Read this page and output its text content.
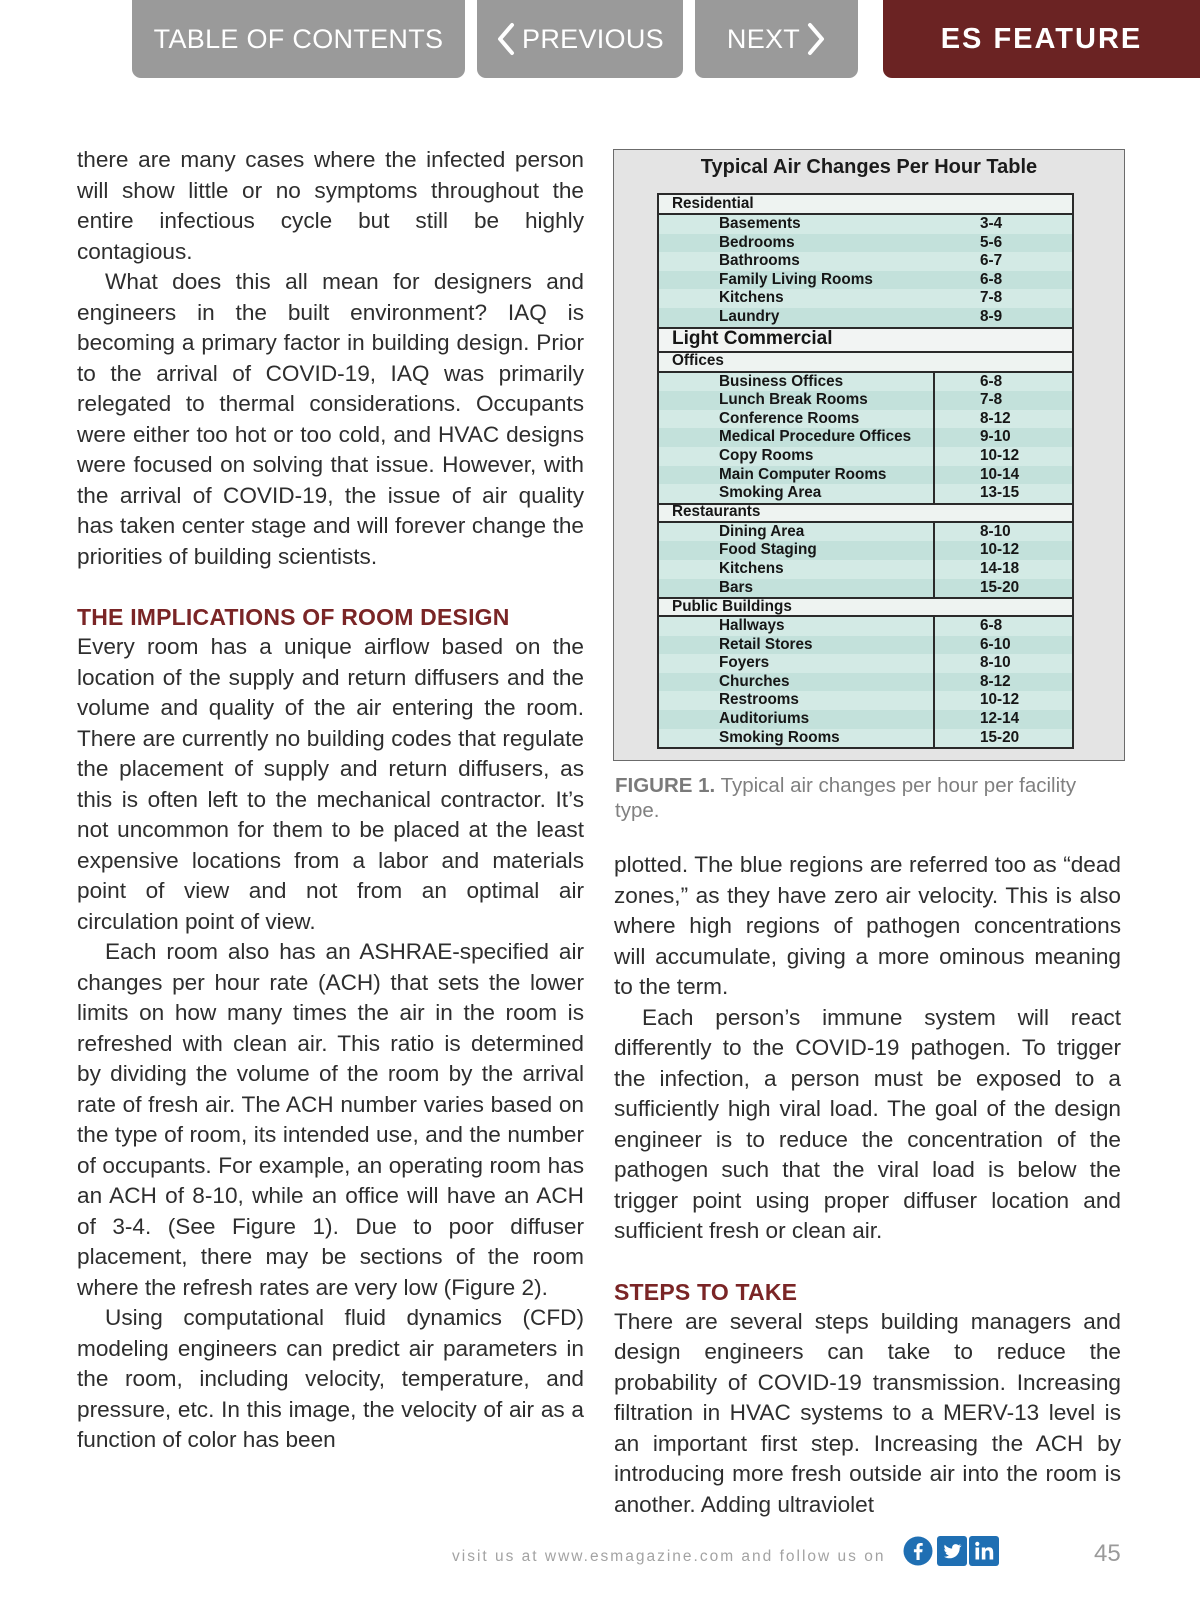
TABLE OF CONTENTS	PREVIOUS NEXT	ES FEATURE

there are many cases where the infected person will show little or no symptoms throughout the entire infectious cycle but still be highly contagious.

What does this all mean for designers and engineers in the built environment? IAQ is becoming a primary factor in building design. Prior to the arrival of COVID-19, IAQ was primarily relegated to thermal considerations. Occupants were either too hot or too cold, and HVAC designs were focused on solving that issue. However, with the arrival of COVID-19, the issue of air quality has taken center stage and will forever change the priorities of building scientists.

THE IMPLICATIONS OF ROOM DESIGN

Every room has a unique airflow based on the location of the supply and return diffusers and the volume and quality of the air entering the room. There are currently no building codes that regulate the placement of supply and return diffusers, as this is often left to the mechanical contractor. It’s not uncommon for them to be placed at the least expensive locations from a labor and materials point of view and not from an optimal air circulation point of view.

Each room also has an ASHRAE-specified air changes per hour rate (ACH) that sets the lower limits on how many times the air in the room is refreshed with clean air. This ratio is determined by dividing the volume of the room by the arrival rate of fresh air. The ACH number varies based on the type of room, its intended use, and the number of occupants. For example, an operating room has an ACH of 8-10, while an office will have an ACH of 3-4. (See Figure 1). Due to poor diffuser placement, there may be sections of the room where the refresh rates are very low (Figure 2).

Using computational fluid dynamics (CFD) modeling engineers can predict air parameters in the room, including velocity, temperature, and pressure, etc. In this image, the velocity of air as a function of color has been

Typical Air Changes Per Hour Table
Residential
Basements	3-4
Bedrooms	5-6
Bathrooms	6-7
Family Living Rooms	6-8
Kitchens	7-8
Laundry	8-9
Light Commercial
Offices
Business Offices	6-8
Lunch Break Rooms	7-8
Conference Rooms	8-12
Medical Procedure Offices	9-10
Copy Rooms	10-12
Main Computer Rooms	10-14
Smoking Area	13-15
Restaurants
Dining Area	8-10
Food Staging	10-12
Kitchens	14-18
Bars	15-20
Public Buildings
Hallways	6-8
Retail Stores	6-10
Foyers	8-10
Churches	8-12
Restrooms	10-12
Auditoriums	12-14
Smoking Rooms	15-20
FIGURE 1. Typical air changes per hour per facility type.

plotted. The blue regions are referred too as “dead zones,” as they have zero air velocity. This is also where high regions of pathogen concentrations will accumulate, giving a more ominous meaning to the term.

Each person’s immune system will react differently to the COVID-19 pathogen. To trigger the infection, a person must be exposed to a sufficiently high viral load. The goal of the design engineer is to reduce the concentration of the pathogen such that the viral load is below the trigger point using proper diffuser location and sufficient fresh or clean air.

STEPS TO TAKE

There are several steps building managers and design engineers can take to reduce the probability of COVID-19 transmission. Increasing filtration in HVAC systems to a MERV-13 level is an important first step. Increasing the ACH by introducing more fresh outside air into the room is another. Adding ultraviolet

visit us at www.esmagazine.com and follow us on	45
